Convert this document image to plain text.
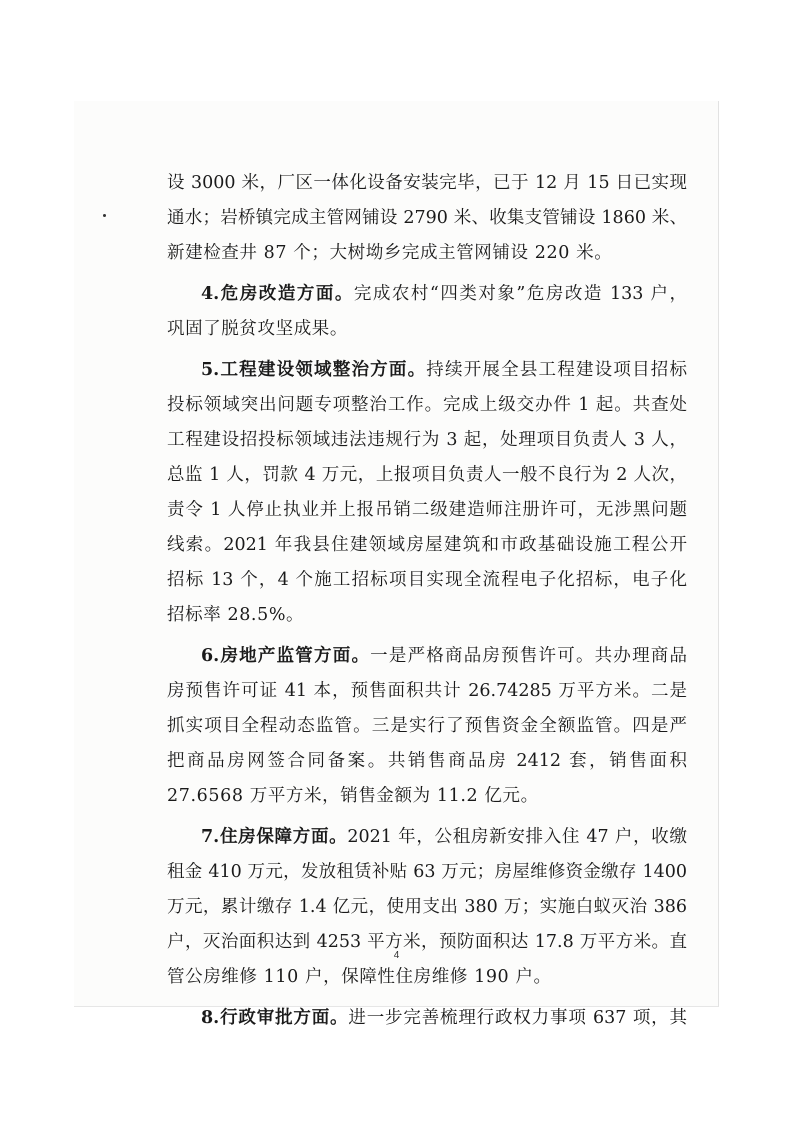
设 3000 米，厂区一体化设备安装完毕，已于 12 月 15 日已实现
通水；岩桥镇完成主管网铺设 2790 米、收集支管铺设 1860 米、
新建检查井 87 个；大树坳乡完成主管网铺设 220 米。
4.危房改造方面。完成农村“四类对象”危房改造 133 户，
巩固了脱贫攻坚成果。
5.工程建设领域整治方面。持续开展全县工程建设项目招标
投标领域突出问题专项整治工作。完成上级交办件 1 起。共查处
工程建设招投标领域违法违规行为 3 起，处理项目负责人 3 人，
总监 1 人，罚款 4 万元，上报项目负责人一般不良行为 2 人次，
责令 1 人停止执业并上报吊销二级建造师注册许可，无涉黑问题
线索。2021 年我县住建领域房屋建筑和市政基础设施工程公开
招标 13 个，4 个施工招标项目实现全流程电子化招标，电子化
招标率 28.5%。
6.房地产监管方面。一是严格商品房预售许可。共办理商品
房预售许可证 41 本，预售面积共计 26.74285 万平方米。二是
抓实项目全程动态监管。三是实行了预售资金全额监管。四是严
把商品房网签合同备案。共销售商品房 2412 套，销售面积
27.6568 万平方米，销售金额为 11.2 亿元。
7.住房保障方面。2021 年，公租房新安排入住 47 户，收缴
租金 410 万元，发放租赁补贴 63 万元；房屋维修资金缴存 1400
万元，累计缴存 1.4 亿元，使用支出 380 万；实施白蚁灭治 386
户，灭治面积达到 4253 平方米，预防面积达 17.8 万平方米。直
管公房维修 110 户，保障性住房维修 190 户。
8.行政审批方面。进一步完善梳理行政权力事项 637 项，其
4
